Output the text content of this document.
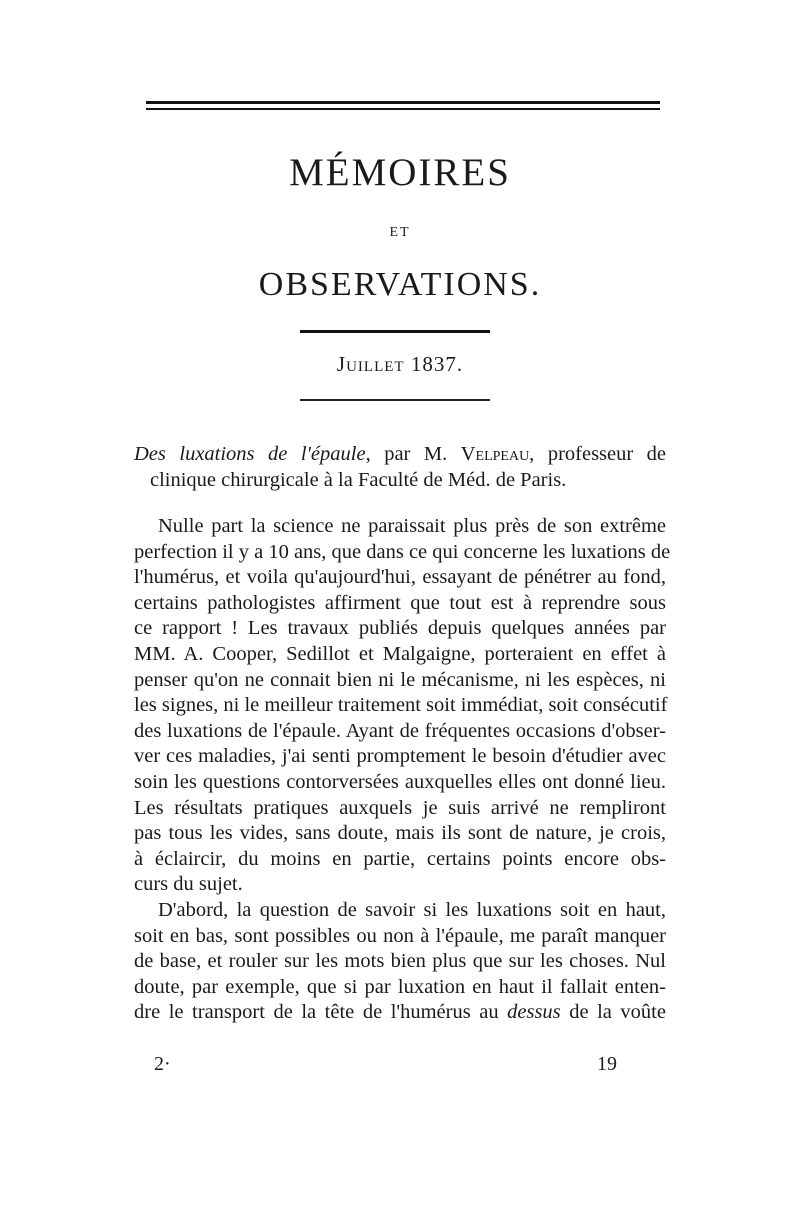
MÉMOIRES
ET
OBSERVATIONS.
Juillet 1837.
Des luxations de l'épaule, par M. Velpeau, professeur de
clinique chirurgicale à la Faculté de Méd. de Paris.
Nulle part la science ne paraissait plus près de son extrême
perfection il y a 10 ans, que dans ce qui concerne les luxations de
l'humérus, et voila qu'aujourd'hui, essayant de pénétrer au fond,
certains pathologistes affirment que tout est à reprendre sous
ce rapport ! Les travaux publiés depuis quelques années par
MM. A. Cooper, Sedillot et Malgaigne, porteraient en effet à
penser qu'on ne connait bien ni le mécanisme, ni les espèces, ni
les signes, ni le meilleur traitement soit immédiat, soit consécutif
des luxations de l'épaule. Ayant de fréquentes occasions d'obser-
ver ces maladies, j'ai senti promptement le besoin d'étudier avec
soin les questions contorversées auxquelles elles ont donné lieu.
Les résultats pratiques auxquels je suis arrivé ne rempliront
pas tous les vides, sans doute, mais ils sont de nature, je crois,
à éclaircir, du moins en partie, certains points encore obs-
curs du sujet.
D'abord, la question de savoir si les luxations soit en haut,
soit en bas, sont possibles ou non à l'épaule, me paraît manquer
de base, et rouler sur les mots bien plus que sur les choses. Nul
doute, par exemple, que si par luxation en haut il fallait enten-
dre le transport de la tête de l'humérus au dessus de la voûte
2·	19
